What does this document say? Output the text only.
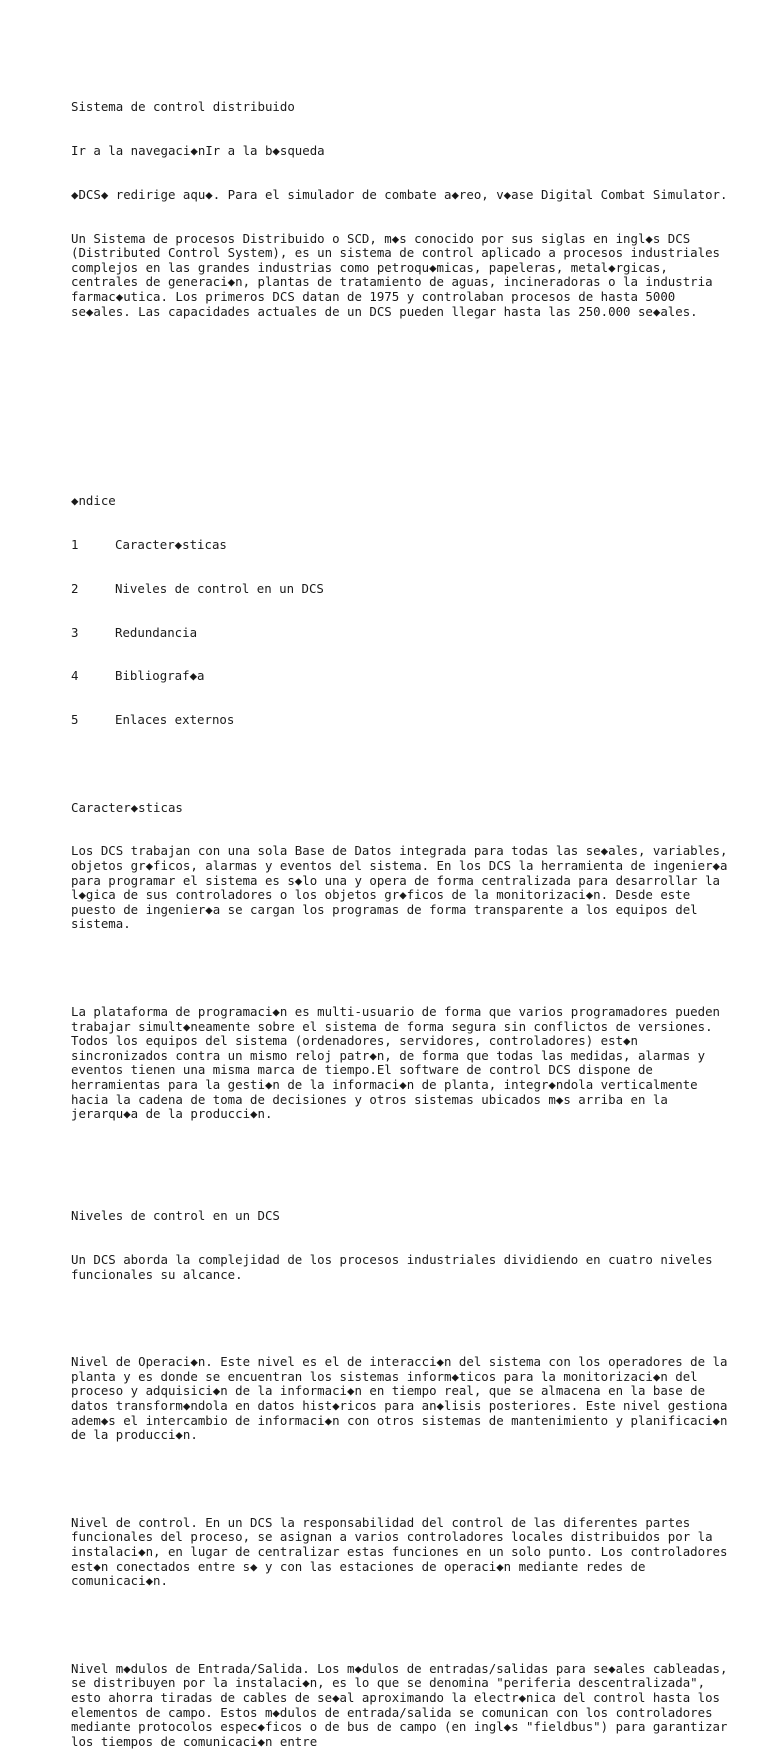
Sistema de control distribuido

Ir a la navegaci◆nIr a la b◆squeda

◆DCS◆ redirige aqu◆. Para el simulador de combate a◆reo, v◆ase Digital Combat Simulator.

Un Sistema de procesos Distribuido o SCD, m◆s conocido por sus siglas en ingl◆s DCS (Distributed Control System), es un sistema de control aplicado a procesos industriales complejos en las grandes industrias como petroqu◆micas, papeleras, metal◆rgicas, centrales de generaci◆n, plantas de tratamiento de aguas, incineradoras o la industria farmac◆utica. Los primeros DCS datan de 1975 y controlaban procesos de hasta 5000 se◆ales. Las capacidades actuales de un DCS pueden llegar hasta las 250.000 se◆ales.

◆ndice

1	Caracter◆sticas

2	Niveles de control en un DCS

3	Redundancia

4	Bibliograf◆a

5	Enlaces externos

Caracter◆sticas

Los DCS trabajan con una sola Base de Datos integrada para todas las se◆ales, variables, objetos gr◆ficos, alarmas y eventos del sistema. En los DCS la herramienta de ingenier◆a para programar el sistema es s◆lo una y opera de forma centralizada para desarrollar la l◆gica de sus controladores o los objetos gr◆ficos de la monitorizaci◆n. Desde este puesto de ingenier◆a se cargan los programas de forma transparente a los equipos del sistema.

La plataforma de programaci◆n es multi-usuario de forma que varios programadores pueden trabajar simult◆neamente sobre el sistema de forma segura sin conflictos de versiones. Todos los equipos del sistema (ordenadores, servidores, controladores) est◆n sincronizados contra un mismo reloj patr◆n, de forma que todas las medidas, alarmas y eventos tienen una misma marca de tiempo.El software de control DCS dispone de herramientas para la gesti◆n de la informaci◆n de planta, integr◆ndola verticalmente hacia la cadena de toma de decisiones y otros sistemas ubicados m◆s arriba en la jerarqu◆a de la producci◆n.

Niveles de control en un DCS

Un DCS aborda la complejidad de los procesos industriales dividiendo en cuatro niveles funcionales su alcance.

Nivel de Operaci◆n. Este nivel es el de interacci◆n del sistema con los operadores de la planta y es donde se encuentran los sistemas inform◆ticos para la monitorizaci◆n del proceso y adquisici◆n de la informaci◆n en tiempo real, que se almacena en la base de datos transform◆ndola en datos hist◆ricos para an◆lisis posteriores. Este nivel gestiona adem◆s el intercambio de informaci◆n con otros sistemas de mantenimiento y planificaci◆n de la producci◆n.

Nivel de control. En un DCS la responsabilidad del control de las diferentes partes funcionales del proceso, se asignan a varios controladores locales distribuidos por la instalaci◆n, en lugar de centralizar estas funciones en un solo punto. Los controladores est◆n conectados entre s◆ y con las estaciones de operaci◆n mediante redes de comunicaci◆n.

Nivel m◆dulos de Entrada/Salida. Los m◆dulos de entradas/salidas para se◆ales cableadas, se distribuyen por la instalaci◆n, es lo que se denomina "periferia descentralizada", esto ahorra tiradas de cables de se◆al aproximando la electr◆nica del control hasta los elementos de campo. Estos m◆dulos de entrada/salida se comunican con los controladores mediante protocolos espec◆ficos o de bus de campo (en ingl◆s "fieldbus") para garantizar los tiempos de comunicaci◆n entre
